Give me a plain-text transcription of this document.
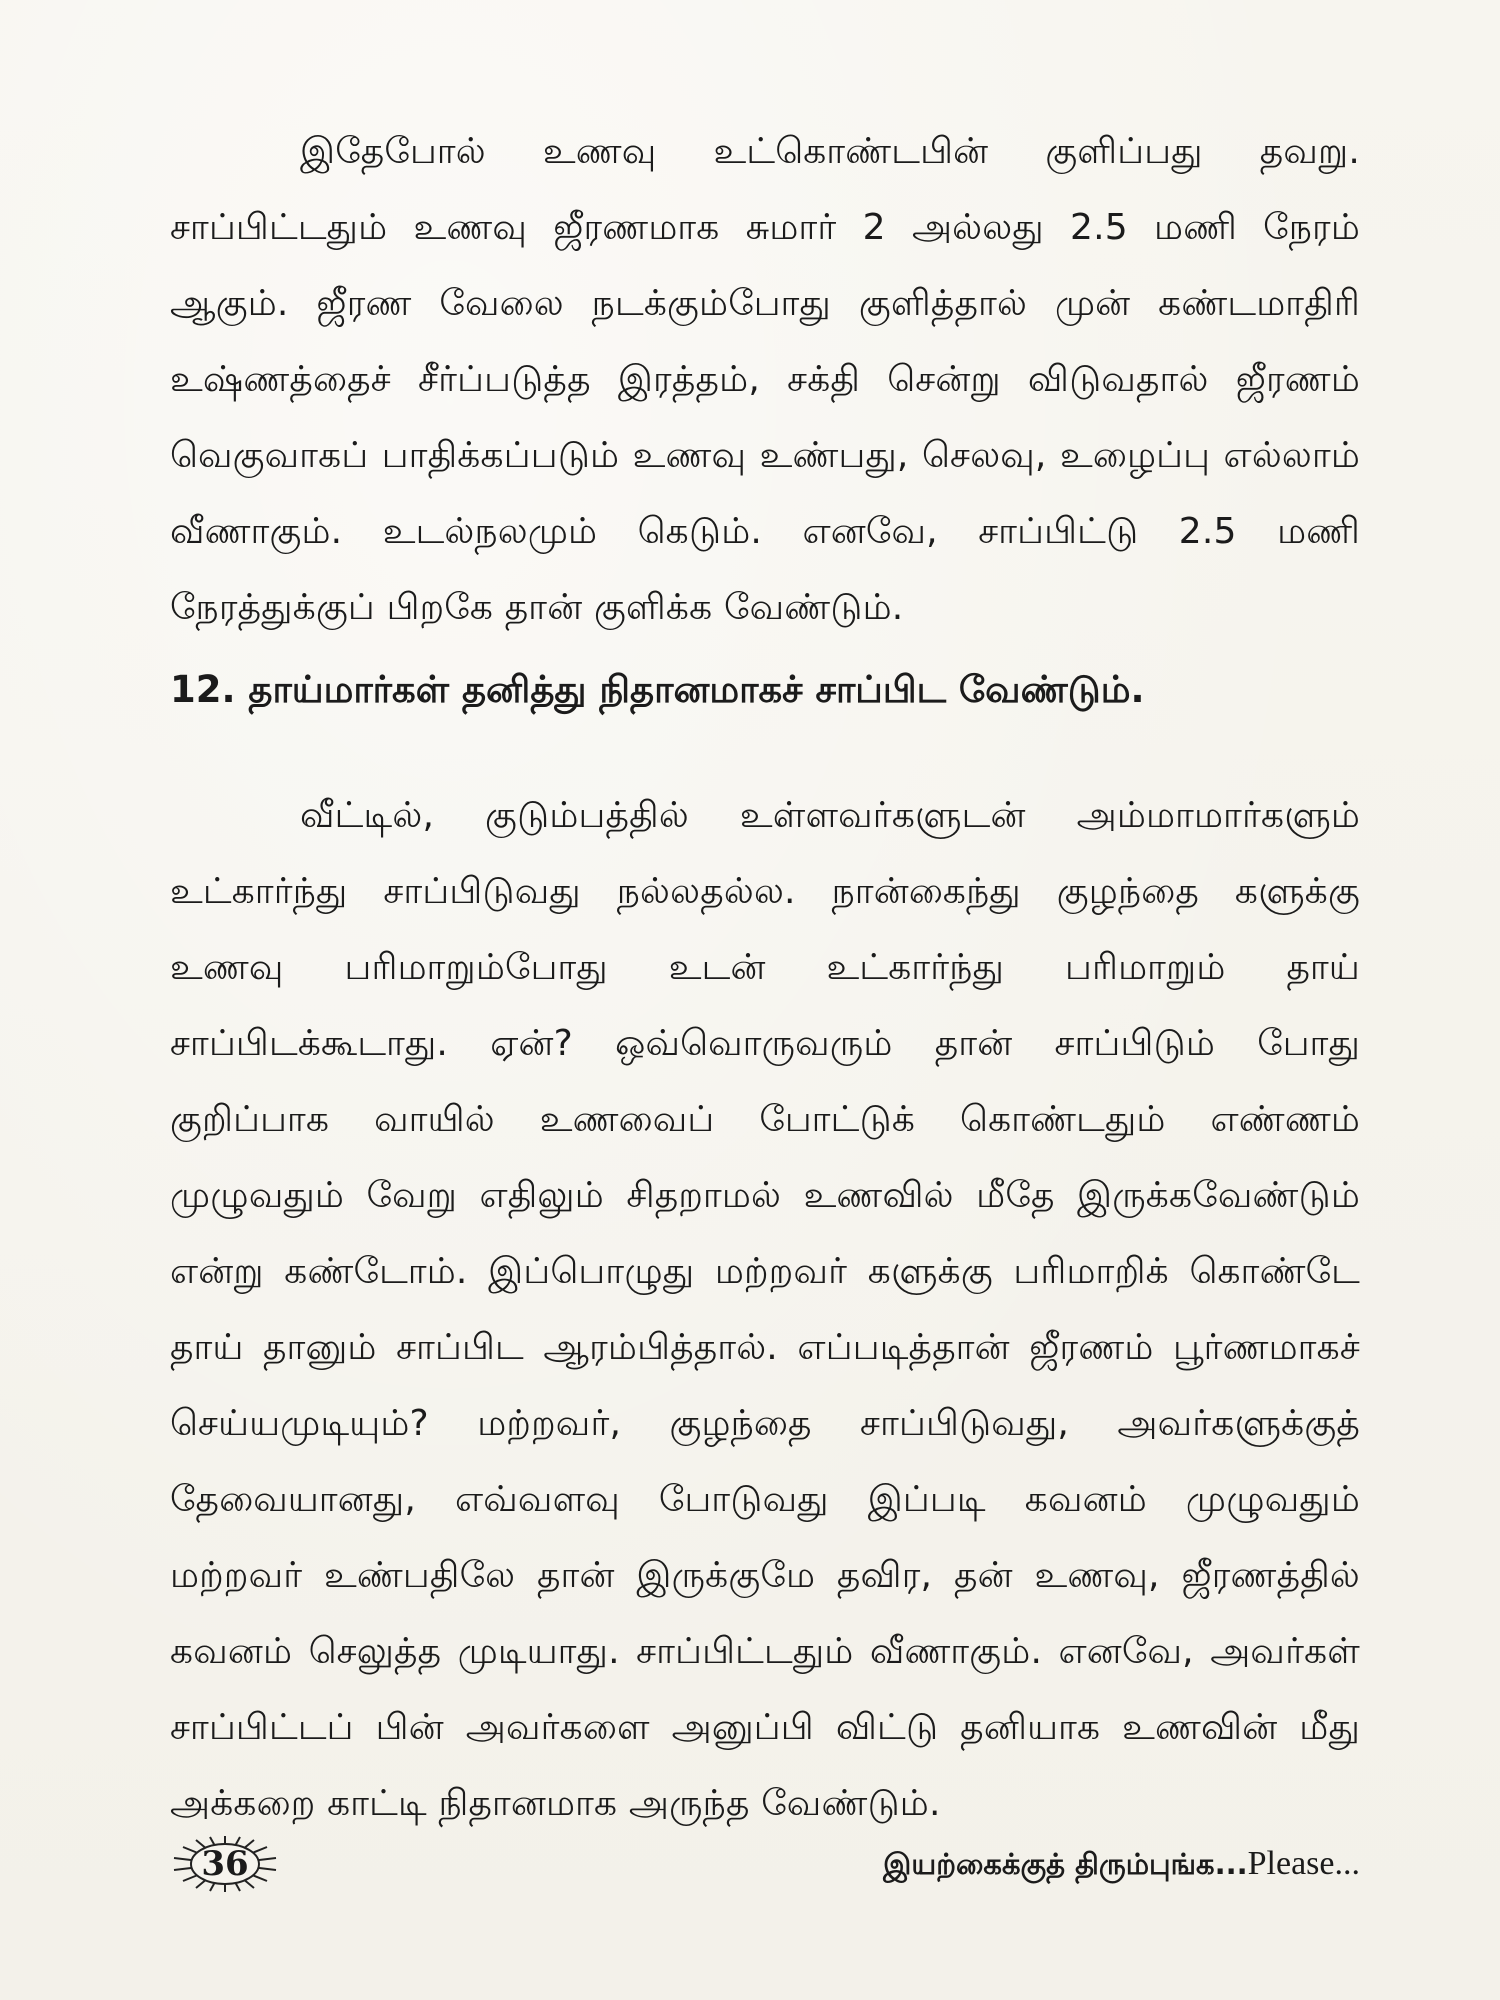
இதேபோல் உணவு உட்கொண்டபின் குளிப்பது தவறு. சாப்பிட்டதும் உணவு ஜீரணமாக சுமார் 2 அல்லது 2.5 மணி நேரம் ஆகும். ஜீரண வேலை நடக்கும்போது குளித்தால் முன் கண்டமாதிரி உஷ்ணத்தைச் சீர்ப்படுத்த இரத்தம், சக்தி சென்று விடுவதால் ஜீரணம் வெகுவாகப் பாதிக்கப்படும் உணவு உண்பது, செலவு, உழைப்பு எல்லாம் வீணாகும். உடல்நலமும் கெடும். எனவே, சாப்பிட்டு 2.5 மணி நேரத்துக்குப் பிறகே தான் குளிக்க வேண்டும்.

12. தாய்மார்கள் தனித்து நிதானமாகச் சாப்பிட வேண்டும்.

வீட்டில், குடும்பத்தில் உள்ளவர்களுடன் அம்மாமார்களும் உட்கார்ந்து சாப்பிடுவது நல்லதல்ல. நான்கைந்து குழந்தை களுக்கு உணவு பரிமாறும்போது உடன் உட்கார்ந்து பரிமாறும் தாய் சாப்பிடக்கூடாது. ஏன்? ஒவ்வொருவரும் தான் சாப்பிடும் போது குறிப்பாக வாயில் உணவைப் போட்டுக் கொண்டதும் எண்ணம் முழுவதும் வேறு எதிலும் சிதறாமல் உணவில் மீதே இருக்கவேண்டும் என்று கண்டோம். இப்பொழுது மற்றவர் களுக்கு பரிமாறிக் கொண்டே தாய் தானும் சாப்பிட ஆரம்பித்தால். எப்படித்தான் ஜீரணம் பூர்ணமாகச் செய்யமுடியும்? மற்றவர், குழந்தை சாப்பிடுவது, அவர்களுக்குத் தேவையானது, எவ்வளவு போடுவது இப்படி கவனம் முழுவதும் மற்றவர் உண்பதிலே தான் இருக்குமே தவிர, தன் உணவு, ஜீரணத்தில் கவனம் செலுத்த முடியாது. சாப்பிட்டதும் வீணாகும். எனவே, அவர்கள் சாப்பிட்டப் பின் அவர்களை அனுப்பி விட்டு தனியாக உணவின் மீது அக்கறை காட்டி நிதானமாக அருந்த வேண்டும்.

36	இயற்கைக்குத் திரும்புங்க...Please...
